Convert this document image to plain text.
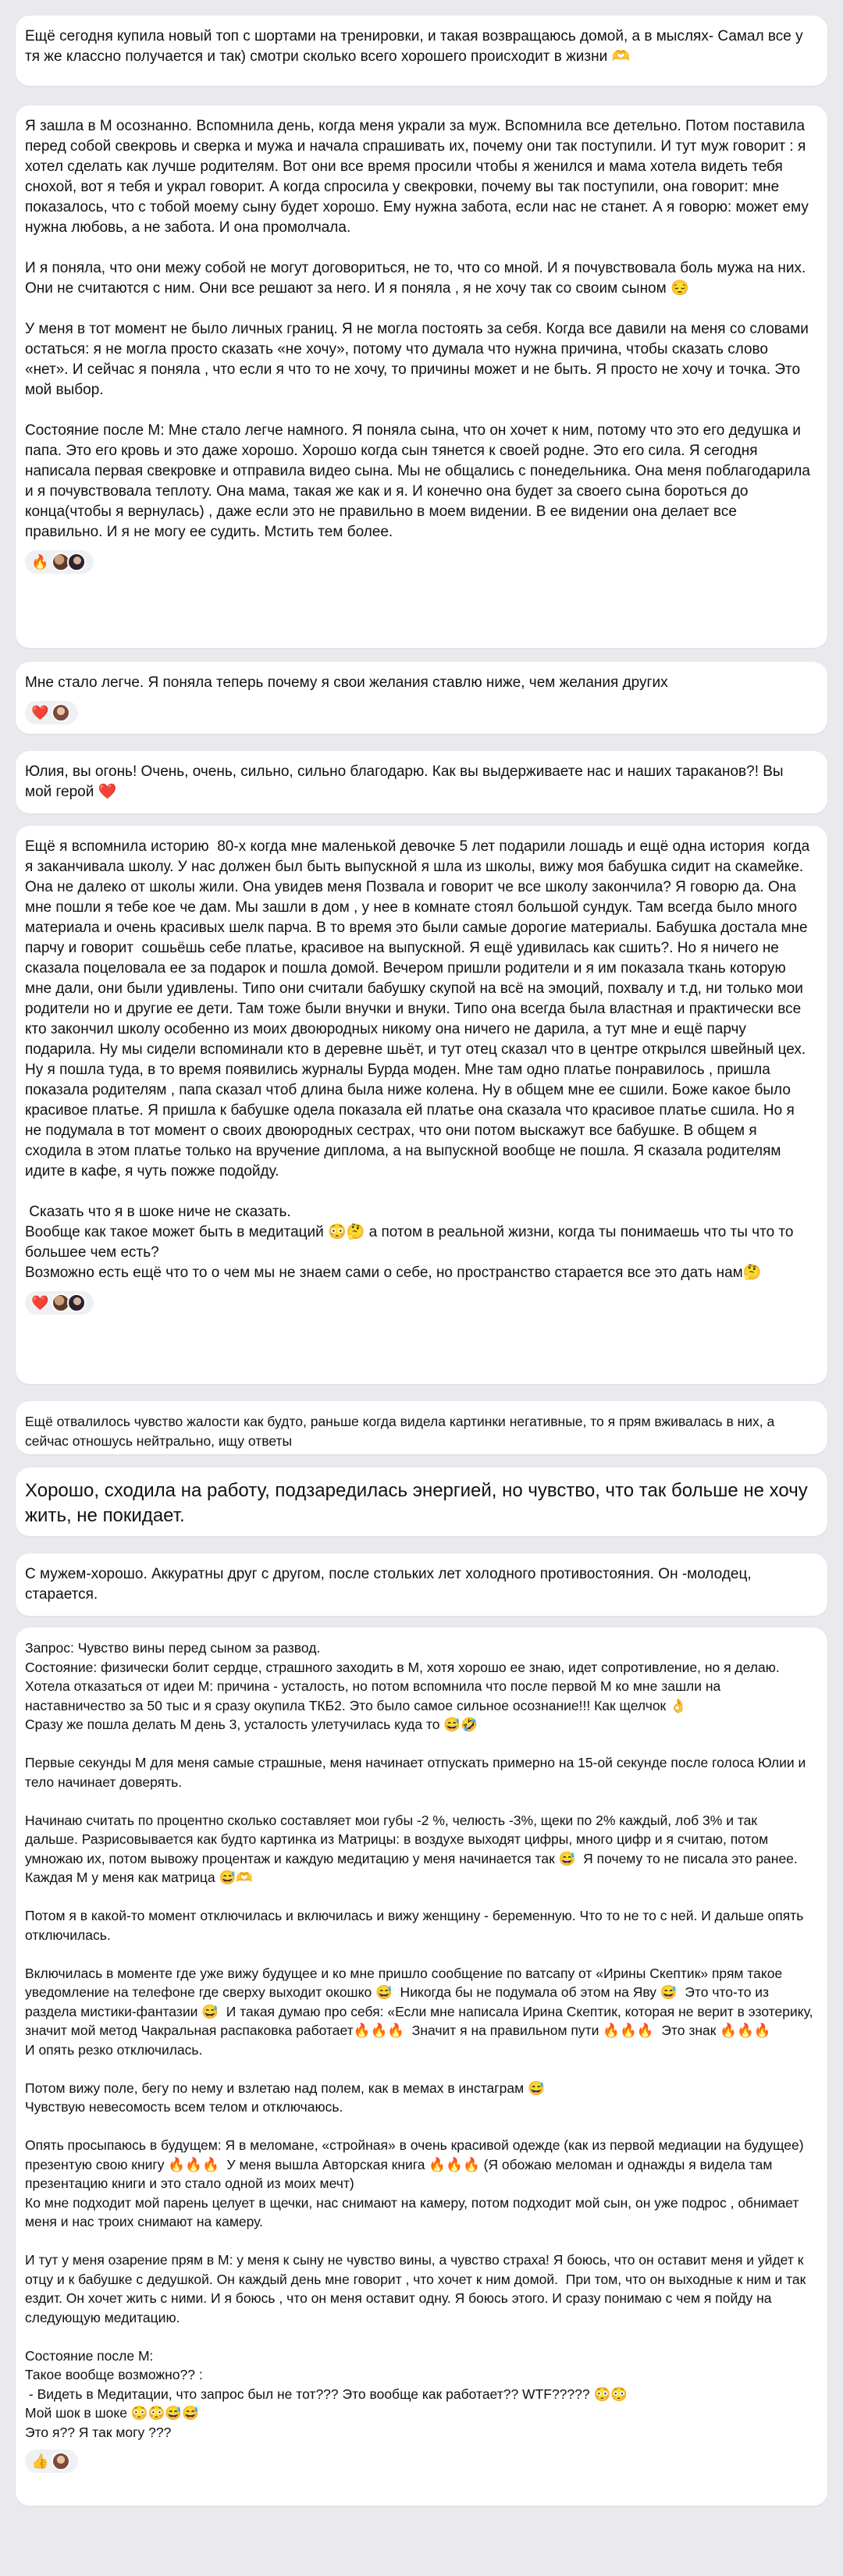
Ещё сегодня купила новый топ с шортами на тренировки, и такая возвращаюсь домой, а в мыслях- Самал все у тя же классно получается и так) смотри сколько всего хорошего происходит в жизни 🫶
Я зашла в М осознанно. Вспомнила день, когда меня украли за муж. Вспомнила все детельно. Потом поставила перед собой свекровь и сверка и мужа и начала спрашивать их, почему они так поступили. И тут муж говорит : я хотел сделать как лучше родителям. Вот они все время просили чтобы я женился и мама хотела видеть тебя снохой, вот я тебя и украл говорит. А когда спросила у свекровки, почему вы так поступили, она говорит: мне показалось, что с тобой моему сыну будет хорошо. Ему нужна забота, если нас не станет. А я говорю: может ему нужна любовь, а не забота. И она промолчала.

И я поняла, что они межу собой не могут договориться, не то, что со мной. И я почувствовала боль мужа на них. Они не считаются с ним. Они все решают за него. И я поняла , я не хочу так со своим сыном 😔

У меня в тот момент не было личных границ. Я не могла постоять за себя. Когда все давили на меня со словами остаться: я не могла просто сказать «не хочу», потому что думала что нужна причина, чтобы сказать слово «нет». И сейчас я поняла , что если я что то не хочу, то причины может и не быть. Я просто не хочу и точка. Это мой выбор.

Состояние после М: Мне стало легче намного. Я поняла сына, что он хочет к ним, потому что это его дедушка и папа. Это его кровь и это даже хорошо. Хорошо когда сын тянется к своей родне. Это его сила. Я сегодня написала первая свекровке и отправила видео сына. Мы не общались с понедельника. Она меня поблагодарила и я почувствовала теплоту. Она мама, такая же как и я. И конечно она будет за своего сына бороться до конца(чтобы я вернулась) , даже если это не правильно в моем видении. В ее видении она делает все правильно. И я не могу ее судить. Мстить тем более.
🔥
Мне стало легче. Я поняла теперь почему я свои желания ставлю ниже, чем желания других
❤️
Юлия, вы огонь! Очень, очень, сильно, сильно благодарю. Как вы выдерживаете нас и наших тараканов?! Вы мой герой ❤️
Ещё я вспомнила историю  80-х когда мне маленькой девочке 5 лет подарили лошадь и ещё одна история  когда я заканчивала школу. У нас должен был быть выпускной я шла из школы, вижу моя бабушка сидит на скамейке. Она не далеко от школы жили. Она увидев меня Позвала и говорит че все школу закончила? Я говорю да. Она мне пошли я тебе кое че дам. Мы зашли в дом , у нее в комнате стоял большой сундук. Там всегда было много материала и очень красивых шелк парча. В то время это были самые дорогие материалы. Бабушка достала мне парчу и говорит  сошьёшь себе платье, красивое на выпускной. Я ещё удивилась как сшить?. Но я ничего не сказала поцеловала ее за подарок и пошла домой. Вечером пришли родители и я им показала ткань которую мне дали, они были удивлены. Типо они считали бабушку скупой на всё на эмоций, похвалу и т.д, ни только мои родители но и другие ее дети. Там тоже были внучки и внуки. Типо она всегда была властная и практически все кто закончил школу особенно из моих двоюродных никому она ничего не дарила, а тут мне и ещё парчу подарила. Ну мы сидели вспоминали кто в деревне шьёт, и тут отец сказал что в центре открылся швейный цех. Ну я пошла туда, в то время появились журналы Бурда моден. Мне там одно платье понравилось , пришла показала родителям , папа сказал чтоб длина была ниже колена. Ну в общем мне ее сшили. Боже какое было красивое платье. Я пришла к бабушке одела показала ей платье она сказала что красивое платье сшила. Но я не подумала в тот момент о своих двоюродных сестрах, что они потом выскажут все бабушке. В общем я сходила в этом платье только на вручение диплома, а на выпускной вообще не пошла. Я сказала родителям идите в кафе, я чуть пожже подойду.

Сказать что я в шоке ниче не сказать.
Вообще как такое может быть в медитаций 😳🤔 а потом в реальной жизни, когда ты понимаешь что ты что то большее чем есть?
Возможно есть ещё что то о чем мы не знаем сами о себе, но пространство старается все это дать нам🤔
❤️
Ещё отвалилось чувство жалости как будто, раньше когда видела картинки негативные, то я прям вживалась в них, а сейчас отношусь нейтрально, ищу ответы
Хорошо, сходила на работу, подзаредилась энергией, но чувство, что так больше не хочу жить, не покидает.
С мужем-хорошо. Аккуратны друг с другом, после стольких лет холодного противостояния. Он -молодец, старается.
Запрос: Чувство вины перед сыном за развод.
Состояние: физически болит сердце, страшного заходить в М, хотя хорошо ее знаю, идет сопротивление, но я делаю. Хотела отказаться от идеи М: причина - усталость, но потом вспомнила что после первой М ко мне зашли на наставничество за 50 тыс и я сразу окупила ТКБ2. Это было самое сильное осознание!!! Как щелчок 👌
Сразу же пошла делать М день 3, усталость улетучилась куда то 😅🤣

Первые секунды М для меня самые страшные, меня начинает отпускать примерно на 15-ой секунде после голоса Юлии и тело начинает доверять.

Начинаю считать по процентно сколько составляет мои губы -2 %, челюсть -3%, щеки по 2% каждый, лоб 3% и так дальше. Разрисовывается как будто картинка из Матрицы: в воздухе выходят цифры, много цифр и я считаю, потом умножаю их, потом вывожу процентаж и каждую медитацию у меня начинается так 😅  Я почему то не писала это ранее. Каждая М у меня как матрица 😅🫶

Потом я в какой-то момент отключилась и включилась и вижу женщину - беременную. Что то не то с ней. И дальше опять отключилась.

Включилась в моменте где уже вижу будущее и ко мне пришло сообщение по ватсапу от «Ирины Скептик» прям такое уведомление на телефоне где сверху выходит окошко 😅  Никогда бы не подумала об этом на Яву 😅  Это что-то из раздела мистики-фантазии 😅  И такая думаю про себя: «Если мне написала Ирина Скептик, которая не верит в эзотерику, значит мой метод Чакральная распаковка работает🔥🔥🔥  Значит я на правильном пути 🔥🔥🔥  Это знак 🔥🔥🔥
И опять резко отключилась.

Потом вижу поле, бегу по нему и взлетаю над полем, как в мемах в инстаграм 😅
Чувствую невесомость всем телом и отключаюсь.

Опять просыпаюсь в будущем: Я в меломане, «стройная» в очень красивой одежде (как из первой медиации на будущее) презентую свою книгу 🔥🔥🔥  У меня вышла Авторская книга 🔥🔥🔥 (Я обожаю меломан и однажды я видела там презентацию книги и это стало одной из моих мечт)
Ко мне подходит мой парень целует в щечки, нас снимают на камеру, потом подходит мой сын, он уже подрос , обнимает меня и нас троих снимают на камеру.

И тут у меня озарение прям в М: у меня к сыну не чувство вины, а чувство страха! Я боюсь, что он оставит меня и уйдет к отцу и к бабушке с дедушкой. Он каждый день мне говорит , что хочет к ним домой.  При том, что он выходные к ним и так ездит. Он хочет жить с ними. И я боюсь , что он меня оставит одну. Я боюсь этого. И сразу понимаю с чем я пойду на следующую медитацию.

Состояние после М:
Такое вообще возможно?? :
- Видеть в Медитации, что запрос был не тот??? Это вообще как работает?? WTF????? 😳😳
Мой шок в шоке 😳😳😅😅
Это я?? Я так могу ???
👍
